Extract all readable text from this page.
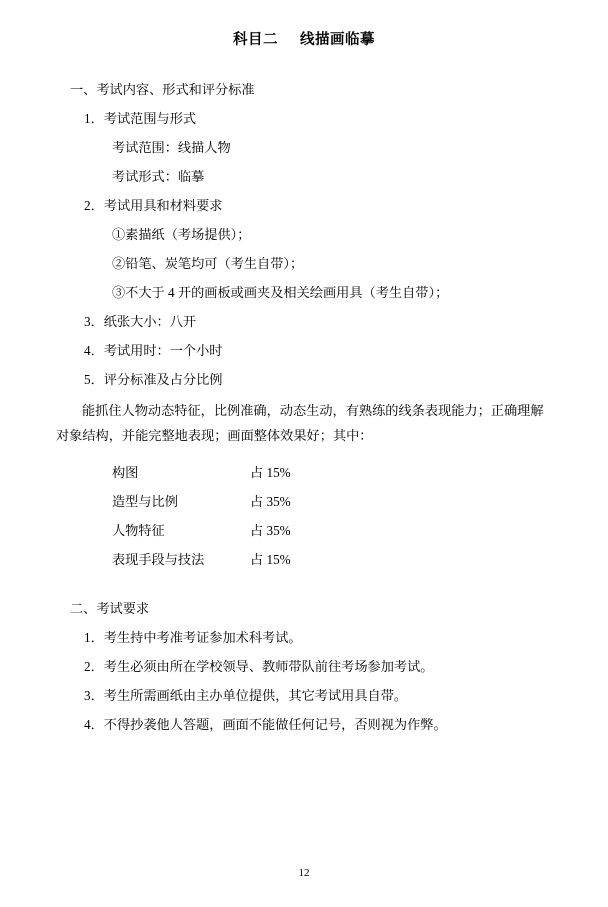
科目二 线描画临摹

一、考试内容、形式和评分标准

1．考试范围与形式

考试范围：线描人物

考试形式：临摹

2．考试用具和材料要求

①素描纸（考场提供）；

②铅笔、炭笔均可（考生自带）；

③不大于 4 开的画板或画夹及相关绘画用具（考生自带）；

3．纸张大小：八开

4．考试用时：一个小时

5．评分标准及占分比例

能抓住人物动态特征，比例准确，动态生动，有熟练的线条表现能力；正确理解

对象结构，并能完整地表现；画面整体效果好；其中：

构图	占 15%
造型与比例	占 35%
人物特征	占 35%
表现手段与技法	占 15%

二、考试要求

1．考生持中考准考证参加术科考试。

2．考生必须由所在学校领导、教师带队前往考场参加考试。

3．考生所需画纸由主办单位提供，其它考试用具自带。

4．不得抄袭他人答题，画面不能做任何记号，否则视为作弊。

12
